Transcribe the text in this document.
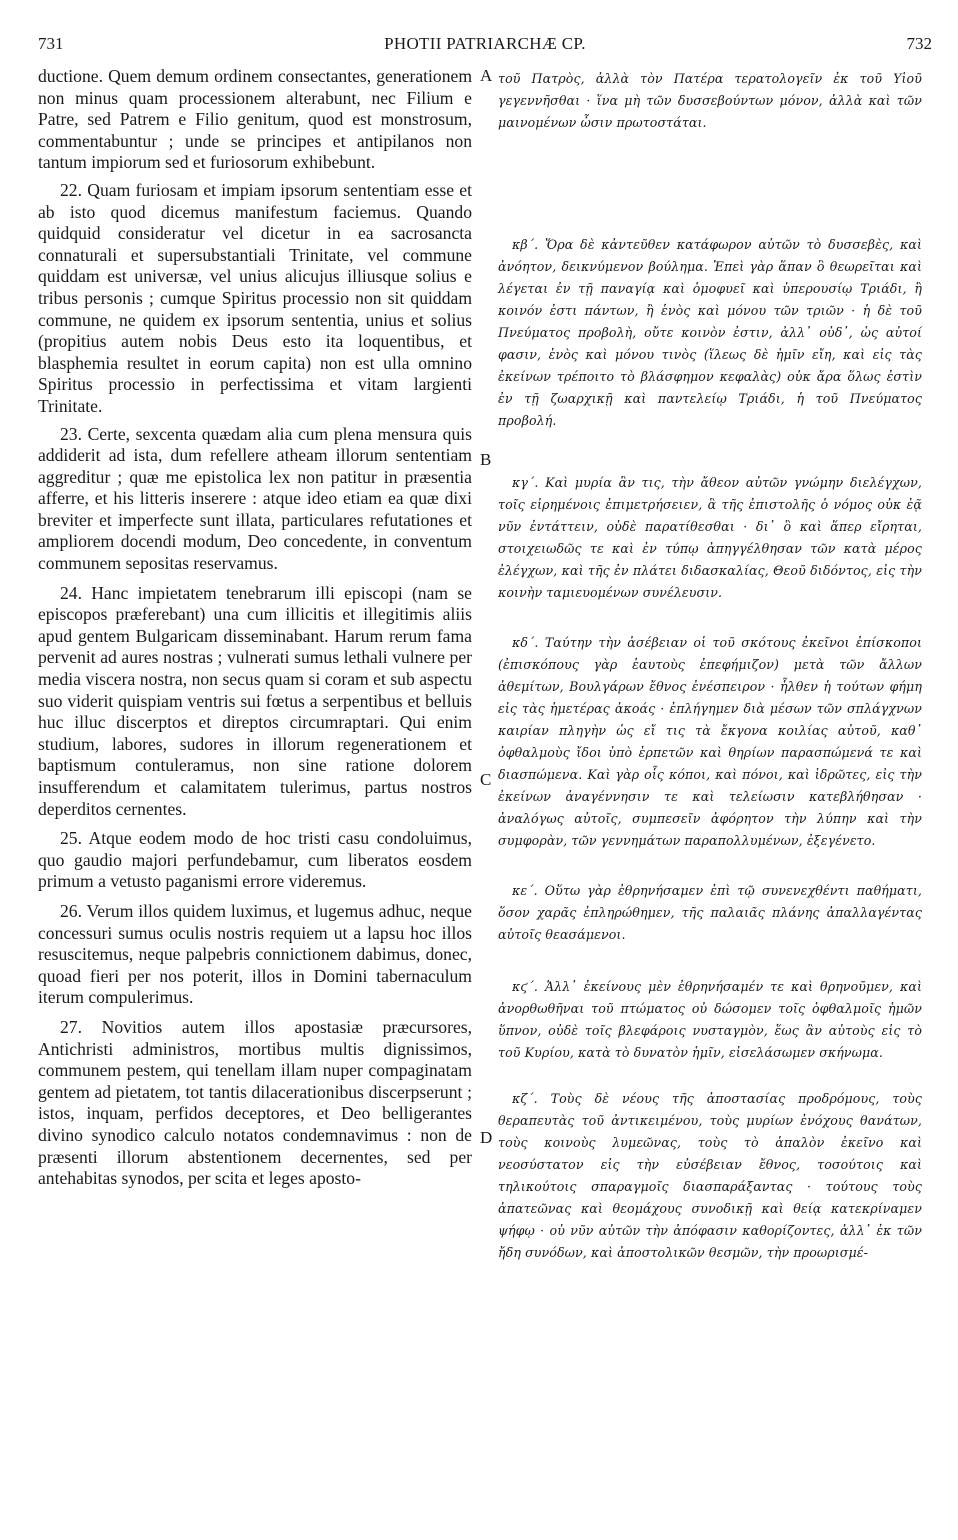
731	PHOTII PATRIARCHÆ CP.	732

ductione. Quem demum ordinem consectantes, generationem non minus quam processionem alterabunt, nec Filium e Patre, sed Patrem e Filio genitum, quod est monstrosum, commentabuntur ; unde se principes et antipilanos non tantum impiorum sed et furiosorum exhibebunt.

22. Quam furiosam et impiam ipsorum sententiam esse et ab isto quod dicemus manifestum faciemus. Quando quidquid consideratur vel dicetur in ea sacrosancta connaturali et supersubstantiali Trinitate, vel commune quiddam est universæ, vel unius alicujus illiusque solius e tribus personis ; cumque Spiritus processio non sit quiddam commune, ne quidem ex ipsorum sententia, unius et solius (propitius autem nobis Deus esto ita loquentibus, et blasphemia resultet in eorum capita) non est ulla omnino Spiritus processio in perfectissima et vitam largienti Trinitate.

23. Certe, sexcenta quædam alia cum plena mensura quis addiderit ad ista, dum refellere atheam illorum sententiam aggreditur ; quæ me epistolica lex non patitur in præsentia afferre, et his litteris inserere : atque ideo etiam ea quæ dixi breviter et imperfecte sunt illata, particulares refutationes et ampliorem docendi modum, Deo concedente, in conventum communem sepositas reservamus.

24. Hanc impietatem tenebrarum illi episcopi (nam se episcopos præferebant) una cum illicitis et illegitimis aliis apud gentem Bulgaricam disseminabant. Harum rerum fama pervenit ad aures nostras ; vulnerati sumus lethali vulnere per media viscera nostra, non secus quam si coram et sub aspectu suo viderit quispiam ventris sui fœtus a serpentibus et belluis huc illuc discerptos et direptos circumraptari. Qui enim studium, labores, sudores in illorum regenerationem et baptismum contuleramus, non sine ratione dolorem insufferendum et calamitatem tulerimus, partus nostros deperditos cernentes.

25. Atque eodem modo de hoc tristi casu condoluimus, quo gaudio majori perfundebamur, cum liberatos eosdem primum a vetusto paganismi errore videremus.

26. Verum illos quidem luximus, et lugemus adhuc, neque concessuri sumus oculis nostris requiem ut a lapsu hoc illos resuscitemus, neque palpebris connictionem dabimus, donec, quoad fieri per nos poterit, illos in Domini tabernaculum iterum compulerimus.

27. Novitios autem illos apostasiæ præcursores, Antichristi administros, mortibus multis dignissimos, communem pestem, qui tenellam illam nuper compaginatam gentem ad pietatem, tot tantis dilacerationibus discerpserunt ; istos, inquam, perfidos deceptores, et Deo belligerantes divino synodico calculo notatos condemnavimus : non de præsenti illorum abstentionem decernentes, sed per antehabitas synodos, per scita et leges aposto-

A
B
C
D

τοῦ Πατρὸς, ἀλλὰ τὸν Πατέρα τερατολογεῖν ἐκ τοῦ Υἱοῦ γεγεννῆσθαι · ἵνα μὴ τῶν δυσσεβούντων μόνον, ἀλλὰ καὶ τῶν μαινομένων ὦσιν πρωτοστάται.

κβ΄. Ὅρα δὲ κἀντεῦθεν κατάφωρον αὐτῶν τὸ δυσσεβὲς, καὶ ἀνόητον, δεικνύμενον βούλημα. Ἐπεὶ γὰρ ἅπαν ὃ θεωρεῖται καὶ λέγεται ἐν τῇ παναγίᾳ καὶ ὁμοφυεῖ καὶ ὑπερουσίῳ Τριάδι, ἢ κοινόν ἐστι πάντων, ἢ ἑνὸς καὶ μόνου τῶν τριῶν · ἡ δὲ τοῦ Πνεύματος προβολὴ, οὔτε κοινὸν ἐστιν, ἀλλ᾽ οὐδ᾽, ὡς αὐτοί φασιν, ἑνὸς καὶ μόνου τινὸς (ἵλεως δὲ ἡμῖν εἴη, καὶ εἰς τὰς ἐκείνων τρέποιτο τὸ βλάσφημον κεφαλὰς) οὐκ ἄρα ὅλως ἐστὶν ἐν τῇ ζωαρχικῇ καὶ παντελείῳ Τριάδι, ἡ τοῦ Πνεύματος προβολή.

κγ΄. Καὶ μυρία ἂν τις, τὴν ἄθεον αὐτῶν γνώμην διελέγχων, τοῖς εἰρημένοις ἐπιμετρήσειεν, ἃ τῆς ἐπιστολῆς ὁ νόμος οὐκ ἐᾷ νῦν ἐντάττειν, οὐδὲ παρατίθεσθαι · δι᾽ ὃ καὶ ἅπερ εἴρηται, στοιχειωδῶς τε καὶ ἐν τύπῳ ἀπηγγέλθησαν τῶν κατὰ μέρος ἐλέγχων, καὶ τῆς ἐν πλάτει διδασκαλίας, Θεοῦ διδόντος, εἰς τὴν κοινὴν ταμιευομένων συνέλευσιν.

κδ΄. Ταύτην τὴν ἀσέβειαν οἱ τοῦ σκότους ἐκεῖνοι ἐπίσκοποι (ἐπισκόπους γὰρ ἑαυτοὺς ἐπεφήμιζον) μετὰ τῶν ἄλλων ἀθεμίτων, Βουλγάρων ἔθνος ἐνέσπειρον · ἧλθεν ἡ τούτων φήμη εἰς τὰς ἡμετέρας ἀκοάς · ἐπλήγημεν διὰ μέσων τῶν σπλάγχνων καιρίαν πληγὴν ὡς εἴ τις τὰ ἔκγονα κοιλίας αὐτοῦ, καθ᾽ ὀφθαλμοὺς ἴδοι ὑπὸ ἑρπετῶν καὶ θηρίων παρασπώμενά τε καὶ διασπώμενα. Καὶ γὰρ οἷς κόποι, καὶ πόνοι, καὶ ἱδρῶτες, εἰς τὴν ἐκείνων ἀναγέννησιν τε καὶ τελείωσιν κατεβλήθησαν · ἀναλόγως αὐτοῖς, συμπεσεῖν ἀφόρητον τὴν λύπην καὶ τὴν συμφορὰν, τῶν γεννημάτων παραπολλυμένων, ἐξεγένετο.

κε΄. Οὕτω γὰρ ἐθρηνήσαμεν ἐπὶ τῷ συνενεχθέντι παθήματι, ὅσον χαρᾶς ἐπληρώθημεν, τῆς παλαιᾶς πλάνης ἀπαλλαγέντας αὐτοῖς θεασάμενοι.

κϛ΄. Ἀλλ᾽ ἐκείνους μὲν ἐθρηνήσαμέν τε καὶ θρηνοῦμεν, καὶ ἀνορθωθῆναι τοῦ πτώματος οὐ δώσομεν τοῖς ὀφθαλμοῖς ἡμῶν ὕπνον, οὐδὲ τοῖς βλεφάροις νυσταγμὸν, ἕως ἂν αὐτοὺς εἰς τὸ τοῦ Κυρίου, κατὰ τὸ δυνατὸν ἡμῖν, εἰσελάσωμεν σκήνωμα.

κζ΄. Τοὺς δὲ νέους τῆς ἀποστασίας προδρόμους, τοὺς θεραπευτὰς τοῦ ἀντικειμένου, τοὺς μυρίων ἐνόχους θανάτων, τοὺς κοινοὺς λυμεῶνας, τοὺς τὸ ἁπαλὸν ἐκεῖνο καὶ νεοσύστατον εἰς τὴν εὐσέβειαν ἔθνος, τοσούτοις καὶ τηλικούτοις σπαραγμοῖς διασπαράξαντας · τούτους τοὺς ἀπατεῶνας καὶ θεομάχους συνοδικῇ καὶ θείᾳ κατεκρίναμεν ψήφῳ · οὐ νῦν αὐτῶν τὴν ἀπόφασιν καθορίζοντες, ἀλλ᾽ ἐκ τῶν ἤδη συνόδων, καὶ ἀποστολικῶν θεσμῶν, τὴν προωρισμέ-
